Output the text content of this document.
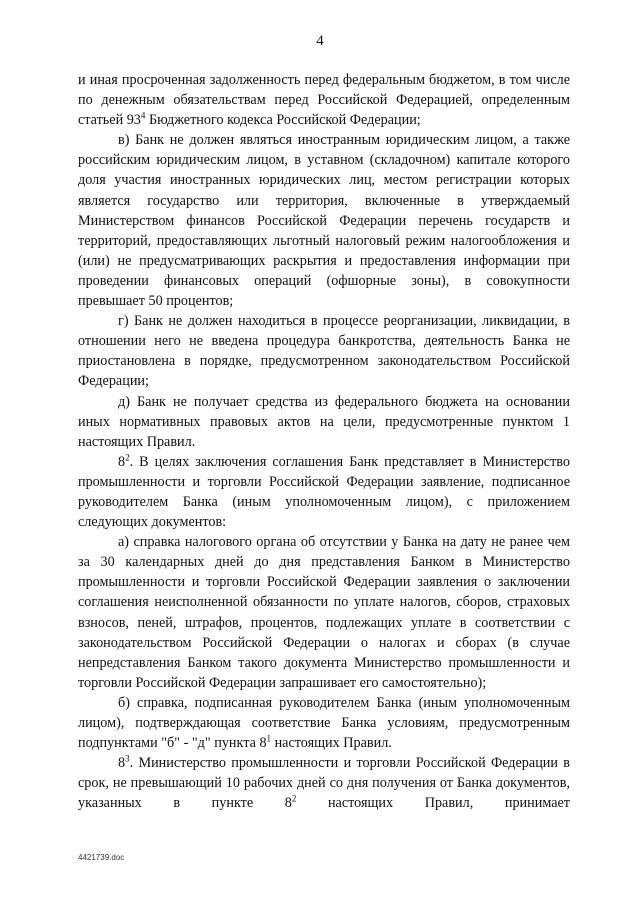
4

и иная просроченная задолженность перед федеральным бюджетом, в том числе по денежным обязательствам перед Российской Федерацией, определенным статьей $93^4$ Бюджетного кодекса Российской Федерации;

в) Банк не должен являться иностранным юридическим лицом, а также российским юридическим лицом, в уставном (складочном) капитале которого доля участия иностранных юридических лиц, местом регистрации которых является государство или территория, включенные в утверждаемый Министерством финансов Российской Федерации перечень государств и территорий, предоставляющих льготный налоговый режим налогообложения и (или) не предусматривающих раскрытия и предоставления информации при проведении финансовых операций (офшорные зоны), в совокупности превышает 50 процентов;

г) Банк не должен находиться в процессе реорганизации, ликвидации, в отношении него не введена процедура банкротства, деятельность Банка не приостановлена в порядке, предусмотренном законодательством Российской Федерации;

д) Банк не получает средства из федерального бюджета на основании иных нормативных правовых актов на цели, предусмотренные пунктом 1 настоящих Правил.

$8^2$. В целях заключения соглашения Банк представляет в Министерство промышленности и торговли Российской Федерации заявление, подписанное руководителем Банка (иным уполномоченным лицом), с приложением следующих документов:

а) справка налогового органа об отсутствии у Банка на дату не ранее чем за 30 календарных дней до дня представления Банком в Министерство промышленности и торговли Российской Федерации заявления о заключении соглашения неисполненной обязанности по уплате налогов, сборов, страховых взносов, пеней, штрафов, процентов, подлежащих уплате в соответствии с законодательством Российской Федерации о налогах и сборах (в случае непредставления Банком такого документа Министерство промышленности и торговли Российской Федерации запрашивает его самостоятельно);

б) справка, подписанная руководителем Банка (иным уполномоченным лицом), подтверждающая соответствие Банка условиям, предусмотренным подпунктами "б" - "д" пункта $8^1$ настоящих Правил.

$8^3$. Министерство промышленности и торговли Российской Федерации в срок, не превышающий 10 рабочих дней со дня получения от Банка документов, указанных в пункте $8^2$ настоящих Правил, принимает

4421739.doc
